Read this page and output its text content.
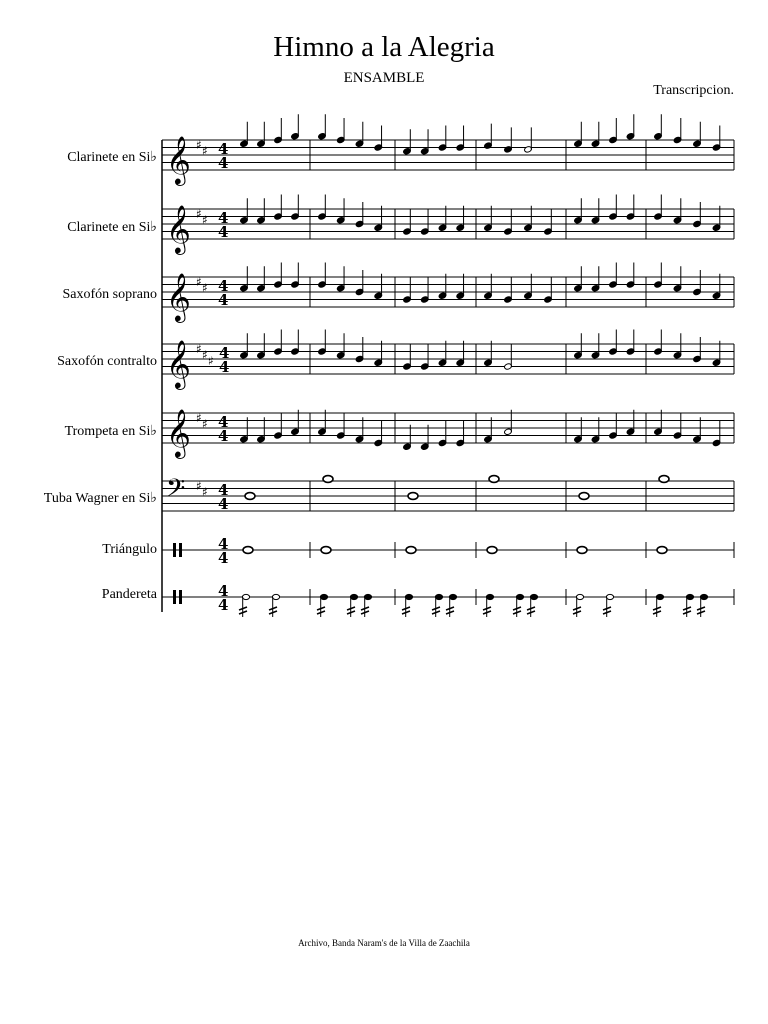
Himno a la Alegria
ENSAMBLE
Transcripcion.
Clarinete en Si♭
Clarinete en Si♭
Saxofón soprano
Saxofón contralto
Trompeta en Si♭
Tuba Wagner en Si♭
Triángulo
Pandereta
𝄞 ♯ ♯ 4
4
𝄞 ♯ ♯ 4
4
𝄞 ♯ ♯ 4
4
𝄞 ♯ ♯ ♯ 4
4
𝄞 ♯ ♯ 4
4
𝄢 ♯ ♯ 4
4
4
4
4
4
Archivo, Banda Naram's de la Villa de Zaachila
